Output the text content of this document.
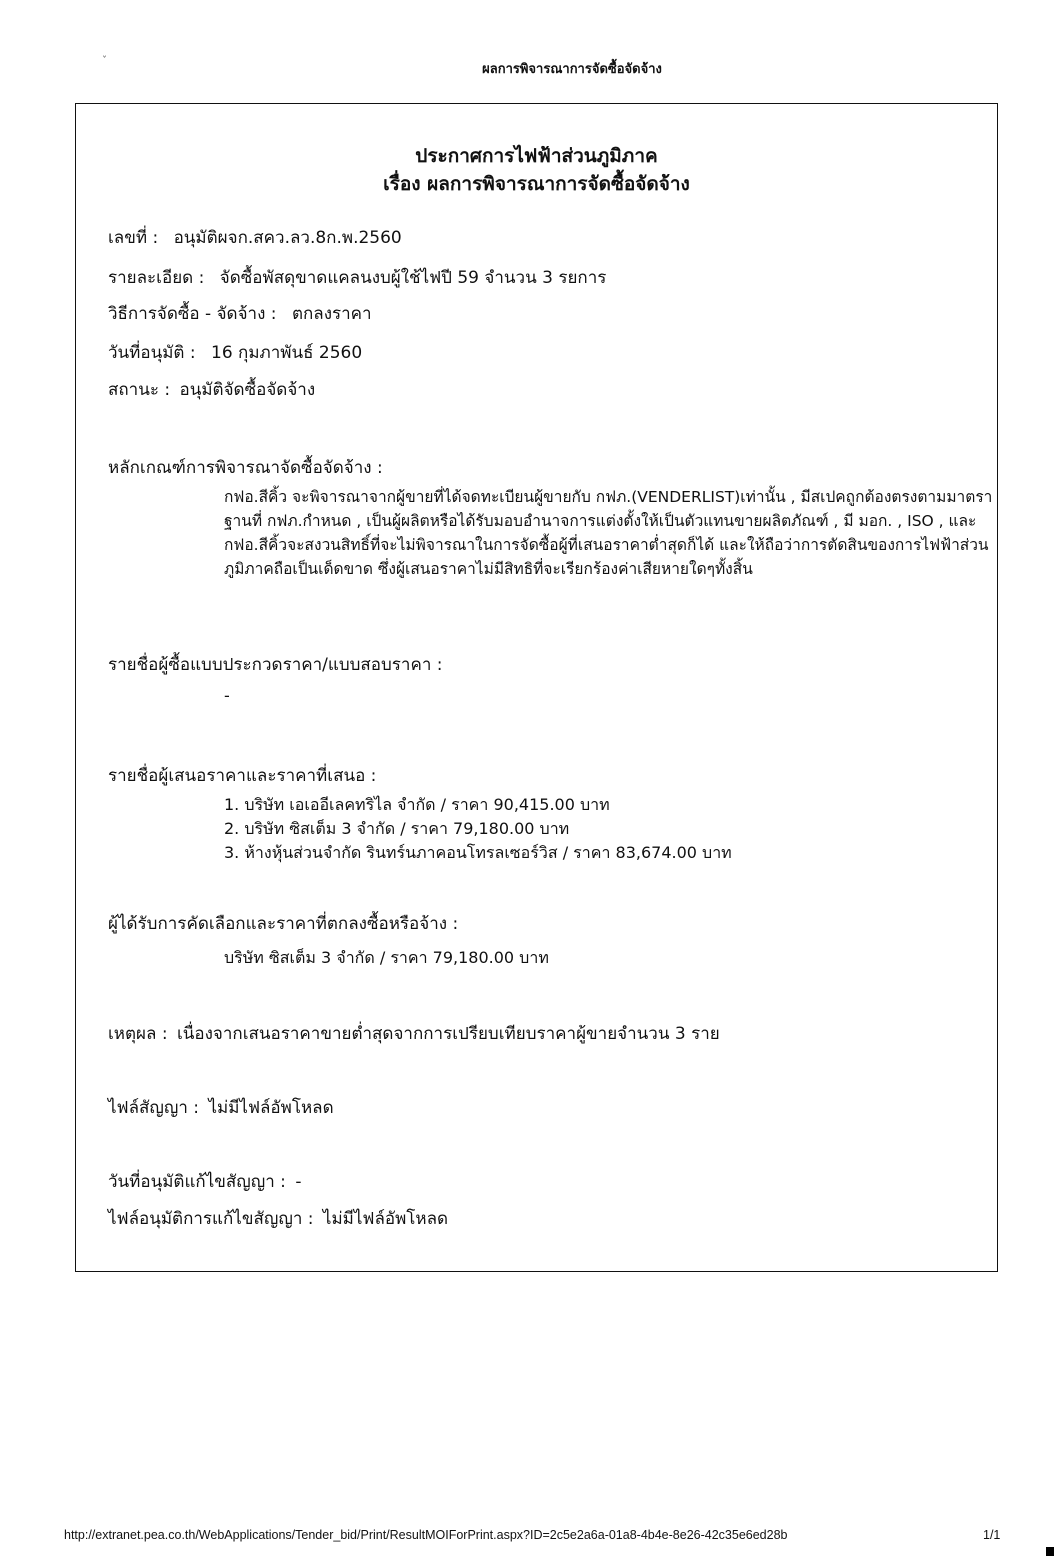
ˇ
ผลการพิจารณาการจัดซื้อจัดจ้าง
ประกาศการไฟฟ้าส่วนภูมิภาค
เรื่อง ผลการพิจารณาการจัดซื้อจัดจ้าง
เลขที่ : อนุมัติผจก.สคว.ลว.8ก.พ.2560
รายละเอียด : จัดซื้อพัสดุขาดแคลนงบผู้ใช้ไฟปี 59 จำนวน 3 รยการ
วิธีการจัดซื้อ - จัดจ้าง : ตกลงราคา
วันที่อนุมัติ : 16 กุมภาพันธ์ 2560
สถานะ : อนุมัติจัดซื้อจัดจ้าง
หลักเกณฑ์การพิจารณาจัดซื้อจัดจ้าง :
กฟอ.สีคิ้ว จะพิจารณาจากผู้ขายที่ได้จดทะเบียนผู้ขายกับ กฟภ.(VENDERLIST)เท่านั้น , มีสเปคถูกต้องตรงตามมาตราฐานที่ กฟภ.กำหนด , เป็นผู้ผลิตหรือได้รับมอบอำนาจการแต่งตั้งให้เป็นตัวแทนขายผลิตภัณฑ์ , มี มอก. , ISO , และกฟอ.สีคิ้วจะสงวนสิทธิ์ที่จะไม่พิจารณาในการจัดซื้อผู้ที่เสนอราคาต่ำสุดก็ได้ และให้ถือว่าการตัดสินของการไฟฟ้าส่วนภูมิภาคถือเป็นเด็ดขาด ซึ่งผู้เสนอราคาไม่มีสิทธิที่จะเรียกร้องค่าเสียหายใดๆทั้งสิ้น
รายชื่อผู้ซื้อแบบประกวดราคา/แบบสอบราคา :
-
รายชื่อผู้เสนอราคาและราคาที่เสนอ :
1. บริษัท เอเออีเลคทริไล จำกัด / ราคา 90,415.00 บาท
2. บริษัท ซิสเต็ม 3 จำกัด / ราคา 79,180.00 บาท
3. ห้างหุ้นส่วนจำกัด รินทร์นภาคอนโทรลเซอร์วิส / ราคา 83,674.00 บาท
ผู้ได้รับการคัดเลือกและราคาที่ตกลงซื้อหรือจ้าง :
บริษัท ซิสเต็ม 3 จำกัด / ราคา 79,180.00 บาท
เหตุผล : เนื่องจากเสนอราคาขายต่ำสุดจากการเปรียบเทียบราคาผู้ขายจำนวน 3 ราย
ไฟล์สัญญา : ไม่มีไฟล์อัพโหลด
วันที่อนุมัติแก้ไขสัญญา : -
ไฟล์อนุมัติการแก้ไขสัญญา : ไม่มีไฟล์อัพโหลด
http://extranet.pea.co.th/WebApplications/Tender_bid/Print/ResultMOIForPrint.aspx?ID=2c5e2a6a-01a8-4b4e-8e26-42c35e6ed28b	1/1
